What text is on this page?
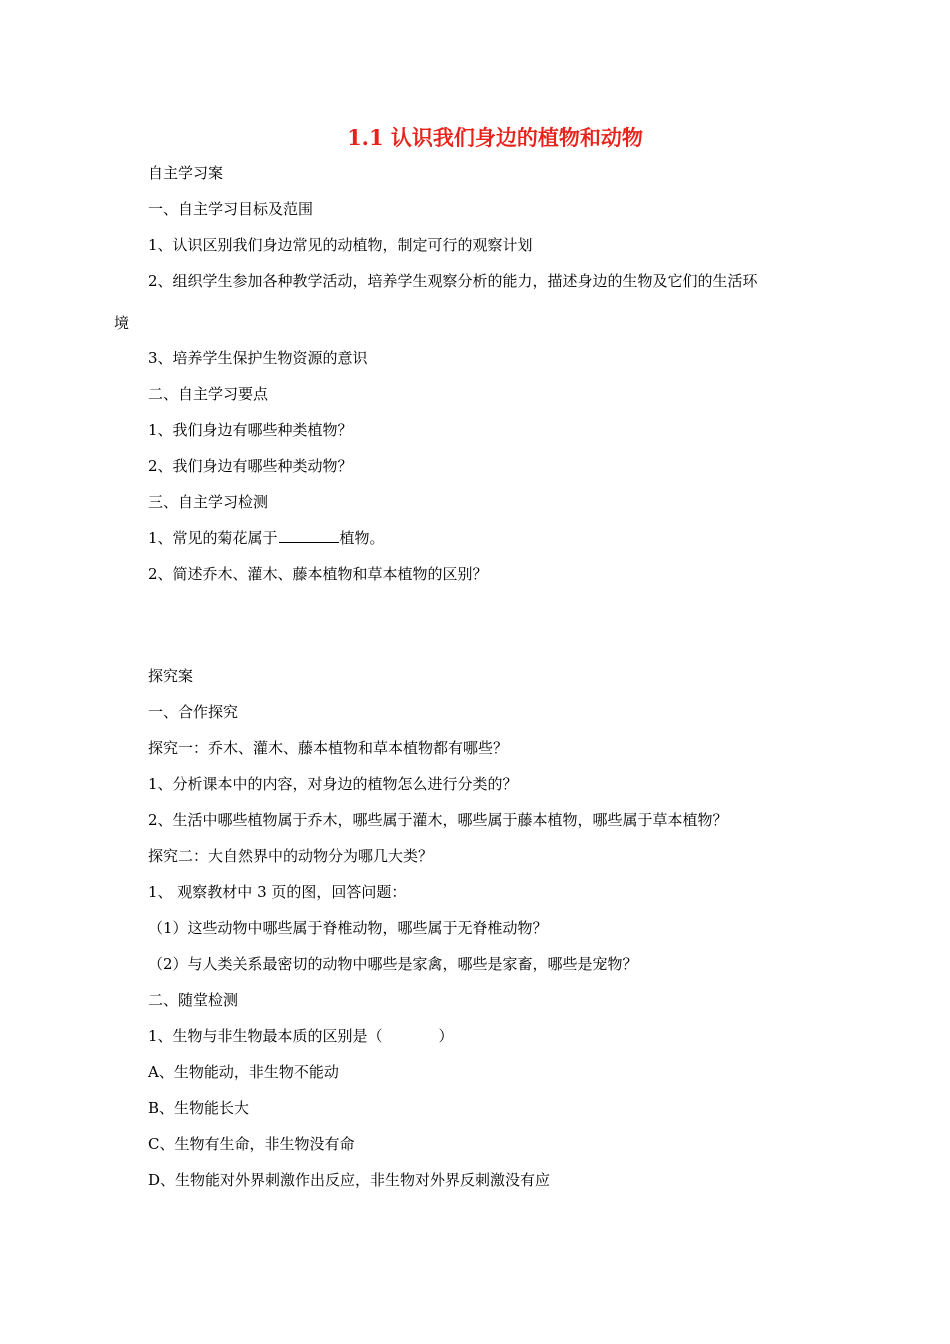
1.1 认识我们身边的植物和动物
自主学习案
一、自主学习目标及范围
1、认识区别我们身边常见的动植物，制定可行的观察计划
2、组织学生参加各种教学活动，培养学生观察分析的能力，描述身边的生物及它们的生活环
境
3、培养学生保护生物资源的意识
二、自主学习要点
1、我们身边有哪些种类植物？
2、我们身边有哪些种类动物？
三、自主学习检测
1、常见的菊花属于	植物。
2、简述乔木、灌木、藤本植物和草本植物的区别？
探究案
一、合作探究
探究一：乔木、灌木、藤本植物和草本植物都有哪些？
1、分析课本中的内容，对身边的植物怎么进行分类的？
2、生活中哪些植物属于乔木，哪些属于灌木，哪些属于藤本植物，哪些属于草本植物？
探究二：大自然界中的动物分为哪几大类？
1、 观察教材中 3 页的图，回答问题：
（1）这些动物中哪些属于脊椎动物，哪些属于无脊椎动物？
（2）与人类关系最密切的动物中哪些是家禽，哪些是家畜，哪些是宠物？
二、随堂检测
1、生物与非生物最本质的区别是（	）
A、生物能动，非生物不能动
B、生物能长大
C、生物有生命，非生物没有命
D、生物能对外界刺激作出反应，非生物对外界反刺激没有应
